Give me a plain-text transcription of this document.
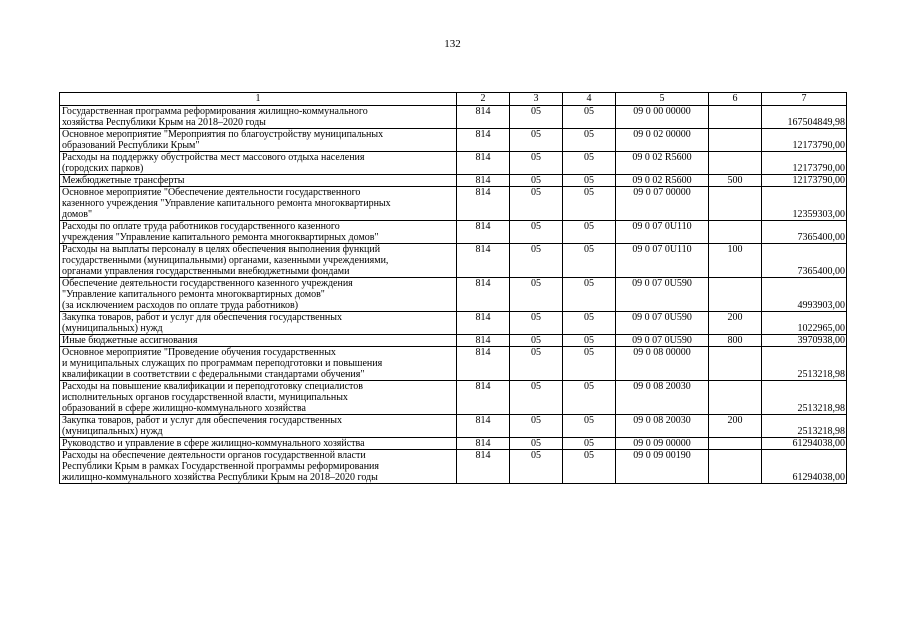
132
1	2	3	4	5	6	7
Государственная программа реформирования жилищно-коммунального
хозяйства Республики Крым на 2018–2020 годы	814	05	05	09 0 00 00000		167504849,98
Основное мероприятие "Мероприятия по благоустройству муниципальных
образований Республики Крым"	814	05	05	09 0 02 00000		12173790,00
Расходы на поддержку обустройства мест массового отдыха населения
(городских парков)	814	05	05	09 0 02 R5600		12173790,00
Межбюджетные трансферты	814	05	05	09 0 02 R5600	500	12173790,00
Основное мероприятие "Обеспечение деятельности государственного
казенного учреждения "Управление капитального ремонта многоквартирных
домов"	814	05	05	09 0 07 00000		12359303,00
Расходы по оплате труда работников государственного казенного
учреждения "Управление капитального ремонта многоквартирных домов"	814	05	05	09 0 07 0U110		7365400,00
Расходы на выплаты персоналу в целях обеспечения выполнения функций
государственными (муниципальными) органами, казенными учреждениями,
органами управления государственными внебюджетными фондами	814	05	05	09 0 07 0U110	100	7365400,00
Обеспечение деятельности государственного казенного учреждения
"Управление капитального ремонта многоквартирных домов"
(за исключением расходов по оплате труда работников)	814	05	05	09 0 07 0U590		4993903,00
Закупка товаров, работ и услуг для обеспечения государственных
(муниципальных) нужд	814	05	05	09 0 07 0U590	200	1022965,00
Иные бюджетные ассигнования	814	05	05	09 0 07 0U590	800	3970938,00
Основное мероприятие "Проведение обучения государственных
и муниципальных служащих по программам переподготовки и повышения
квалификации в соответствии с федеральными стандартами обучения"	814	05	05	09 0 08 00000		2513218,98
Расходы на повышение квалификации и переподготовку специалистов
исполнительных органов государственной власти, муниципальных
образований в сфере жилищно-коммунального хозяйства	814	05	05	09 0 08 20030		2513218,98
Закупка товаров, работ и услуг для обеспечения государственных
(муниципальных) нужд	814	05	05	09 0 08 20030	200	2513218,98
Руководство и управление в сфере жилищно-коммунального хозяйства	814	05	05	09 0 09 00000		61294038,00
Расходы на обеспечение деятельности органов государственной власти
Республики Крым в рамках Государственной программы реформирования
жилищно-коммунального хозяйства Республики Крым на 2018–2020 годы	814	05	05	09 0 09 00190		61294038,00
